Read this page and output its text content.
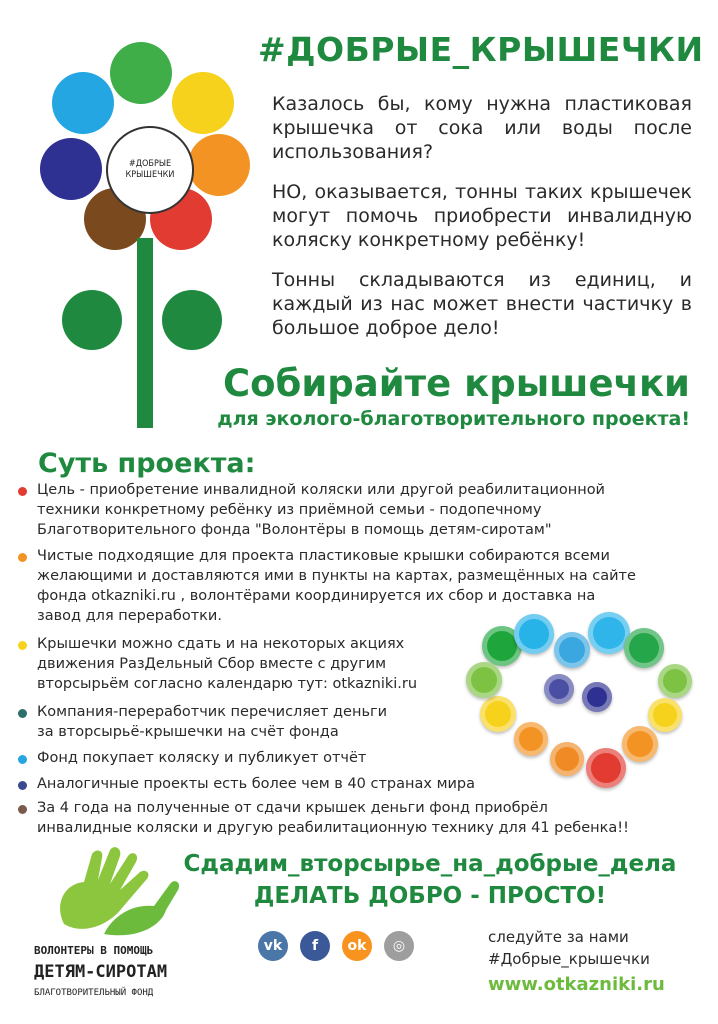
#ДОБРЫЕ
КРЫШЕЧКИ
#ДОБРЫЕ_КРЫШЕЧКИ
Казалось бы, кому нужна пластиковая крышечка от сока или воды после использования?
НО, оказывается, тонны таких крышечек могут помочь приобрести инвалидную коляску конкретному ребёнку!
Тонны складываются из единиц, и каждый из нас может внести частичку в большое доброе дело!
Собирайте крышечки
для эколого-благотворительного проекта!
Суть проекта:
Цель - приобретение инвалидной коляски или другой реабилитационной
техники конкретному ребёнку из приёмной семьи - подопечному
Благотворительного фонда "Волонтёры в помощь детям-сиротам"
Чистые подходящие для проекта пластиковые крышки собираются всеми
желающими и доставляются ими в пункты на картах, размещённых на сайте
фонда otkazniki.ru , волонтёрами координируется их сбор и доставка на
завод для переработки.
Крышечки можно сдать и на некоторых акциях
движения РазДельный Сбор вместе с другим
вторсырьём согласно календарю тут: otkazniki.ru
Компания-переработчик перечисляет деньги
за вторсырьё-крышечки на счёт фонда
Фонд покупает коляску и публикует отчёт
Аналогичные проекты есть более чем в 40 странах мира
За 4 года на полученные от сдачи крышек деньги фонд приобрёл
инвалидные коляски и другую реабилитационную технику для 41 ребенка!!
Сдадим_вторсырье_на_добрые_дела
ДЕЛАТЬ ДОБРО - ПРОСТО!
ВОЛОНТЕРЫ В ПОМОЩЬ
ДЕТЯМ-СИРОТАМ
БЛАГОТВОРИТЕЛЬНЫЙ ФОНД
vk f ok ◎	следуйте за нами
#Добрые_крышечки
www.otkazniki.ru
